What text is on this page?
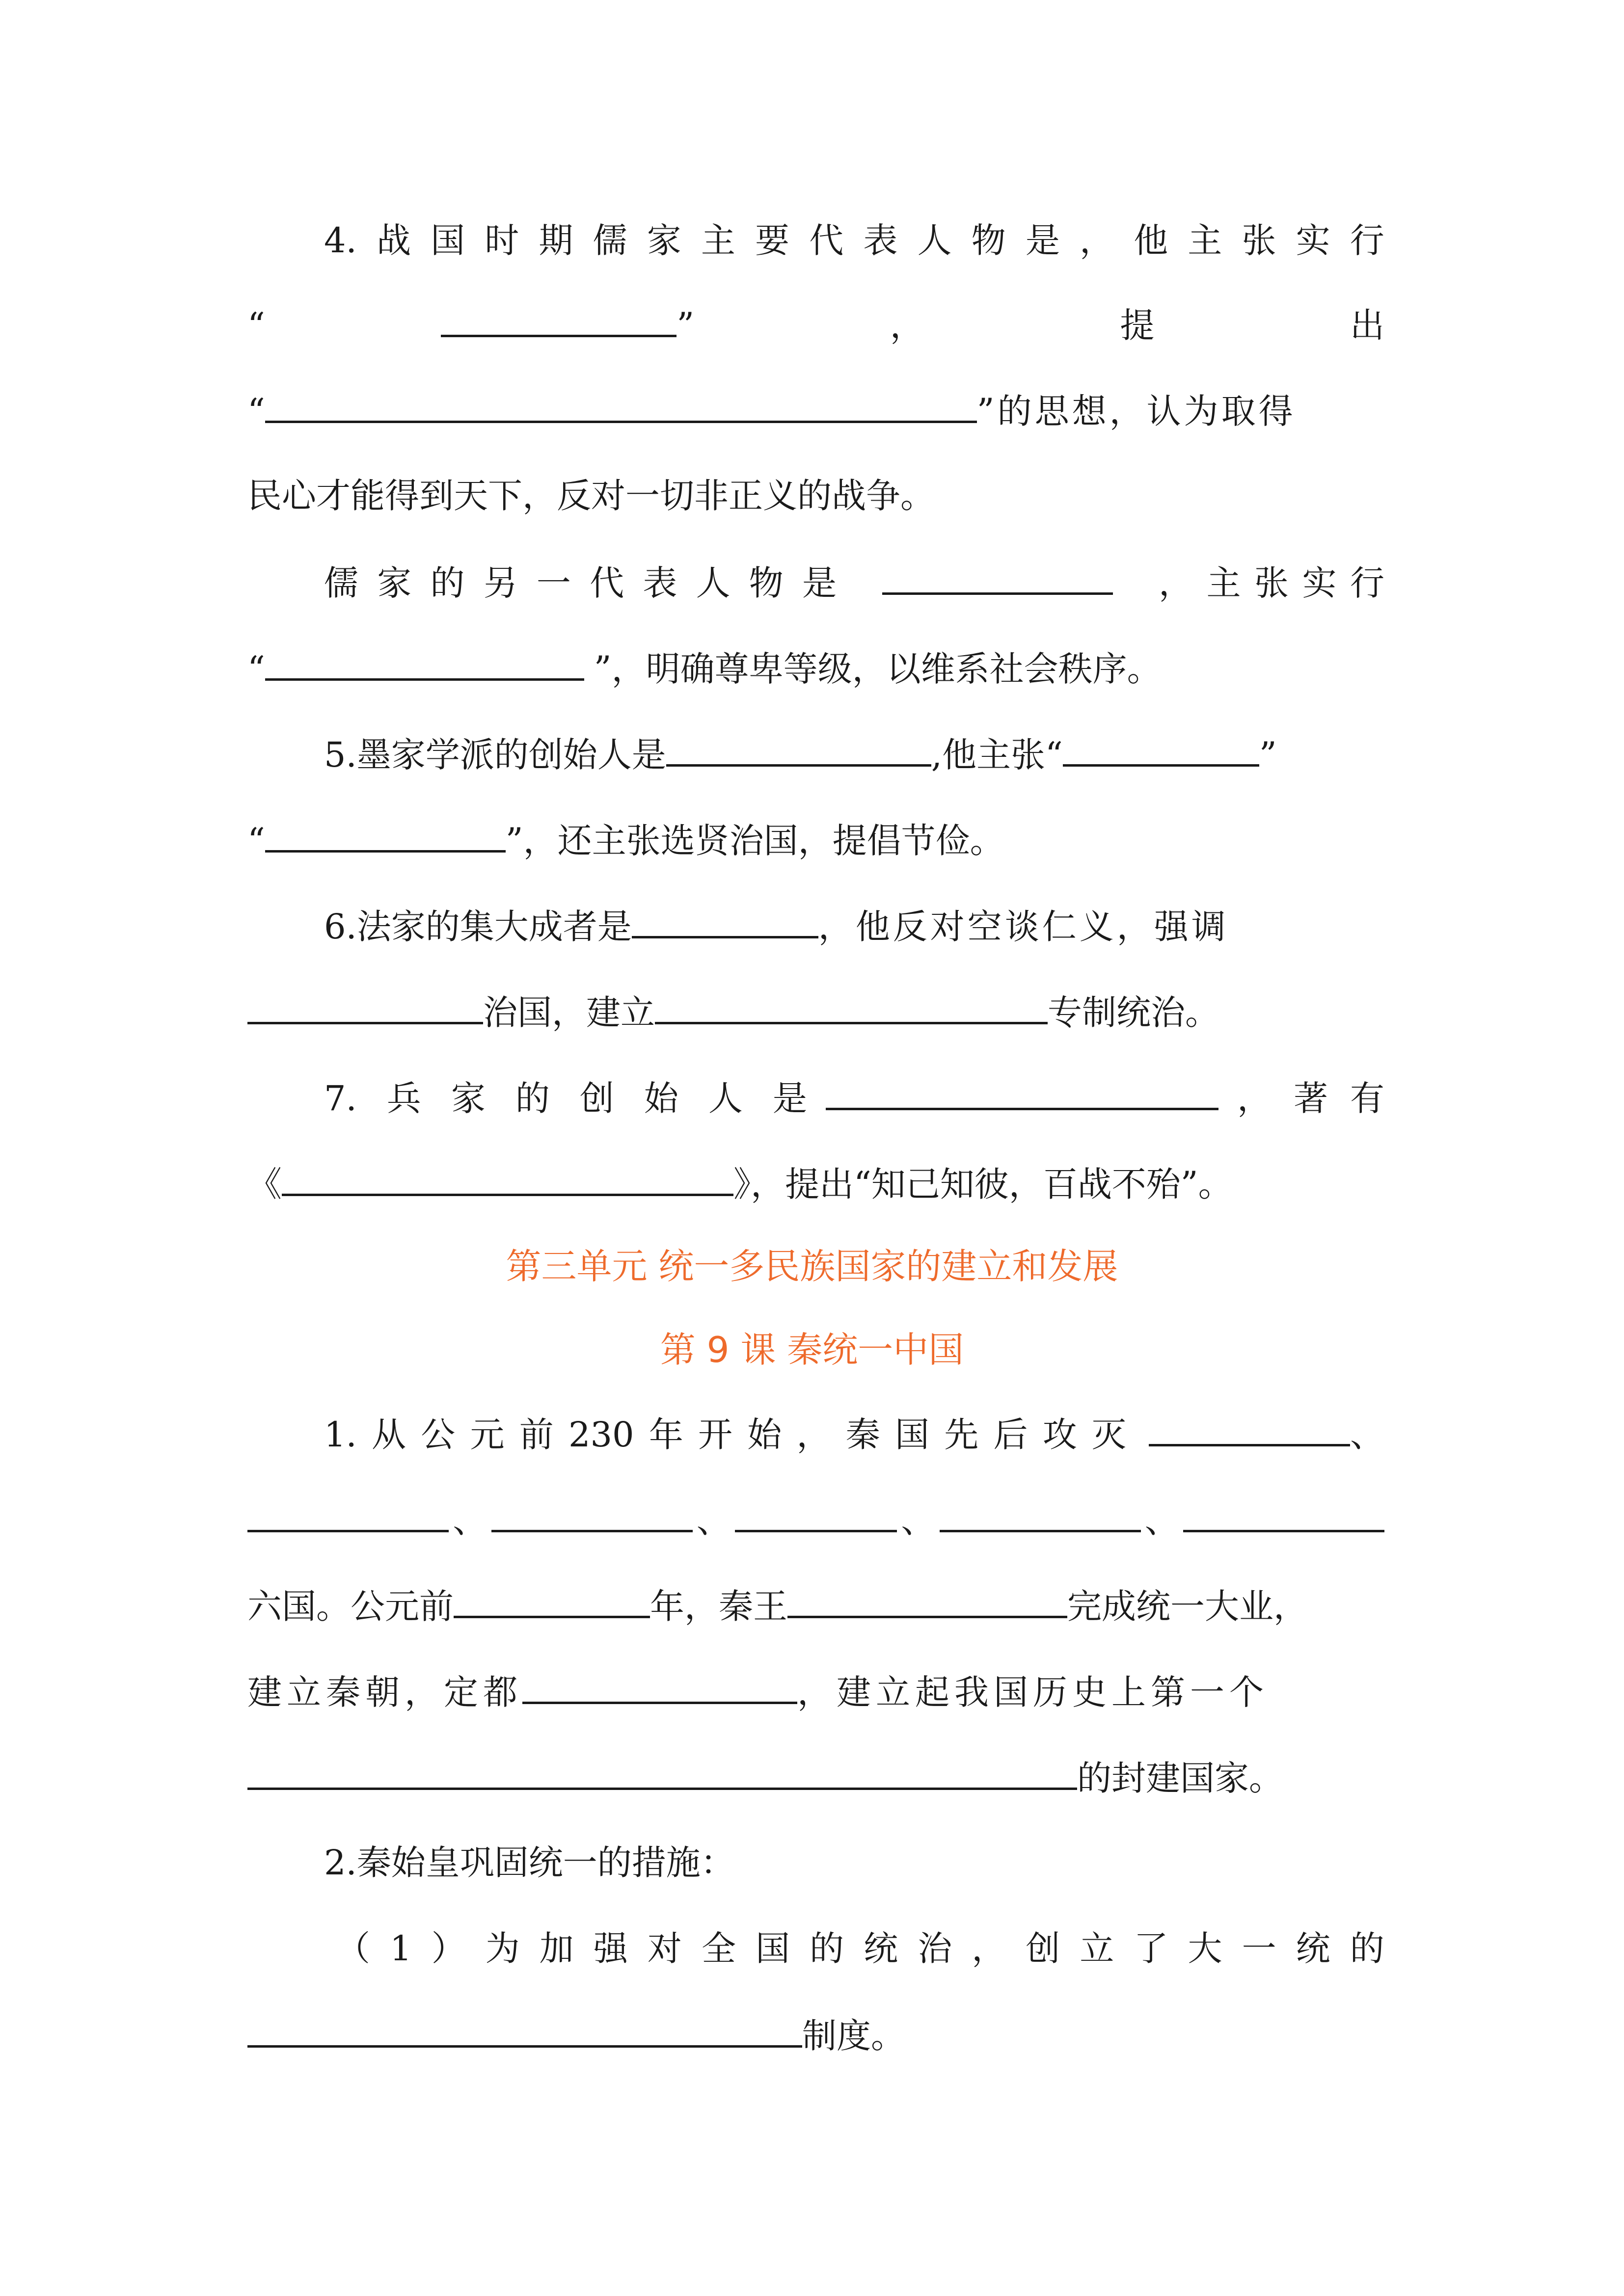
4. 战 国 时 期 儒 家 主 要 代 表 人 物 是 ， 他 主 张 实 行
“	”	，	提	出
“	”的思想，认为取得
民心才能得到天下，反对一切非正义的战争。
儒 家 的 另 一 代 表 人 物 是	， 主 张 实 行
“	”，明确尊卑等级，以维系社会秩序。
5.墨家学派的创始人是	,他主张“	”
“	”，还主张选贤治国，提倡节俭。
6.法家的集大成者是	，他反对空谈仁义，强调
治国，建立	专制统治。
7. 兵 家 的 创 始 人 是	， 著 有
《	》，提出“知己知彼，百战不殆”。
第三单元 统一多民族国家的建立和发展
第 9 课 秦统一中国
1. 从 公 元 前 230 年 开 始 ， 秦 国 先 后 攻 灭	、
、	、	、	、
六国。公元前	年，秦王	完成统一大业，
建立秦朝，定都	，建立起我国历史上第一个
的封建国家。
2.秦始皇巩固统一的措施：
（ 1 ） 为 加 强 对 全 国 的 统 治 ， 创 立 了 大 一 统 的
制度。
